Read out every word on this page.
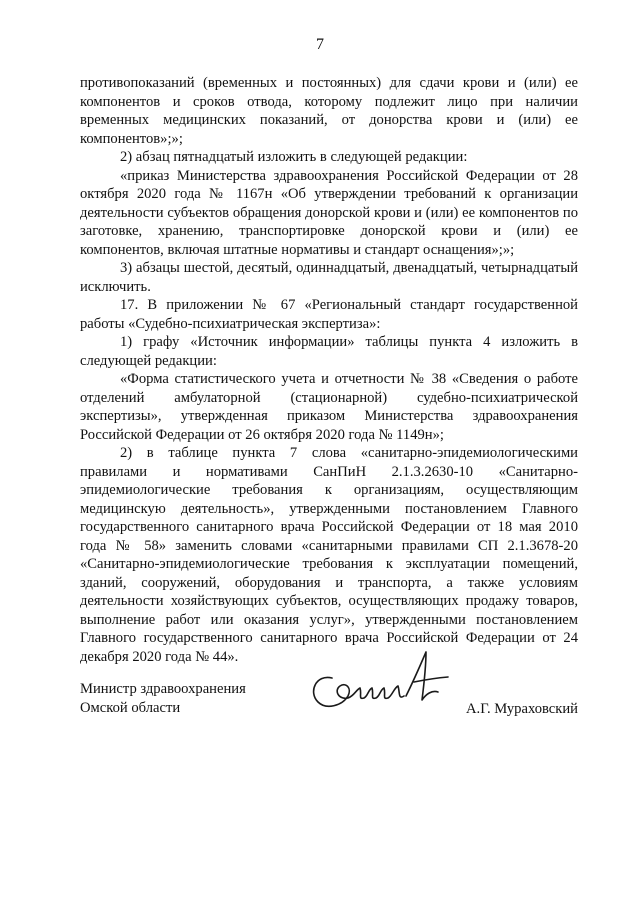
7

противопоказаний (временных и постоянных) для сдачи крови и (или) ее компонентов и сроков отвода, которому подлежит лицо при наличии временных медицинских показаний, от донорства крови и (или) ее компонентов»;»;

2) абзац пятнадцатый изложить в следующей редакции:

«приказ Министерства здравоохранения Российской Федерации от 28 октября 2020 года № 1167н «Об утверждении требований к организации деятельности субъектов обращения донорской крови и (или) ее компонентов по заготовке, хранению, транспортировке донорской крови и (или) ее компонентов, включая штатные нормативы и стандарт оснащения»;»;

3) абзацы шестой, десятый, одиннадцатый, двенадцатый, четырнадцатый исключить.

17. В приложении № 67 «Региональный стандарт государственной работы «Судебно-психиатрическая экспертиза»:

1) графу «Источник информации» таблицы пункта 4 изложить в следующей редакции:

«Форма статистического учета и отчетности № 38 «Сведения о работе отделений амбулаторной (стационарной) судебно-психиатрической экспертизы», утвержденная приказом Министерства здравоохранения Российской Федерации от 26 октября 2020 года № 1149н»;

2) в таблице пункта 7 слова «санитарно-эпидемиологическими правилами и нормативами СанПиН 2.1.3.2630-10 «Санитарно-эпидемиологические требования к организациям, осуществляющим медицинскую деятельность», утвержденными постановлением Главного государственного санитарного врача Российской Федерации от 18 мая 2010 года № 58» заменить словами «санитарными правилами СП 2.1.3678-20 «Санитарно-эпидемиологические требования к эксплуатации помещений, зданий, сооружений, оборудования и транспорта, а также условиям деятельности хозяйствующих субъектов, осуществляющих продажу товаров, выполнение работ или оказания услуг», утвержденными постановлением Главного государственного санитарного врача Российской Федерации от 24 декабря 2020 года № 44».

Министр здравоохранения
Омской области	А.Г. Мураховский
